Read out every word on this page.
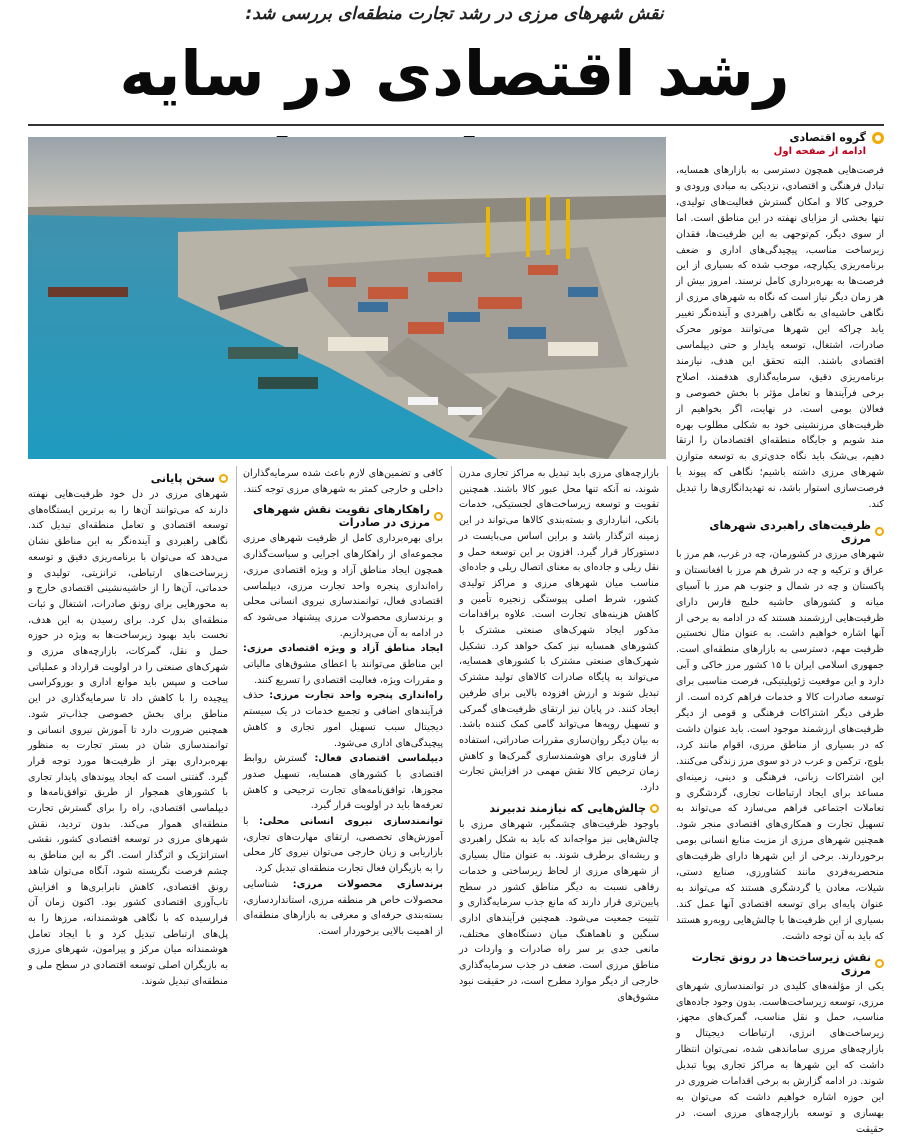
نقش شهرهای مرزی در رشد تجارت منطقه‌ای بررسی شد:
رشد اقتصادی در سایه
گروه اقتصادی
ادامه از صفحه اول

فرصت‌هایی همچون دسترسی به بازارهای همسایه، تبادل فرهنگی و اقتصادی، نزدیکی به مبادی ورودی و خروجی کالا و امکان گسترش فعالیت‌های تولیدی، تنها بخشی از مزایای نهفته در این مناطق است. اما از سوی دیگر، کم‌توجهی به این ظرفیت‌ها، فقدان زیرساخت مناسب، پیچیدگی‌های اداری و ضعف برنامه‌ریزی یکپارچه، موجب شده که بسیاری از این فرصت‌ها به بهره‌برداری کامل نرسند. امروز بیش از هر زمان دیگر نیاز است که نگاه به شهرهای مرزی از نگاهی حاشیه‌ای به نگاهی راهبردی و آینده‌نگر تغییر یابد چراکه این شهرها می‌توانند موتور محرک صادرات، اشتغال، توسعه پایدار و حتی دیپلماسی اقتصادی باشند. البته تحقق این هدف، نیازمند برنامه‌ریزی دقیق، سرمایه‌گذاری هدفمند، اصلاح برخی فرآیندها و تعامل مؤثر با بخش خصوصی و فعالان بومی است. در نهایت، اگر بخواهیم از ظرفیت‌های مرزنشینی خود به شکلی مطلوب بهره مند شویم و جایگاه منطقه‌ای اقتصادمان را ارتقا دهیم، بی‌شک باید نگاه جدی‌تری به توسعه متوازن شهرهای مرزی داشته باشیم؛ نگاهی که پیوند با فرصت‌سازی استوار باشد، نه تهدیدانگاری‌ها را تبدیل کند.

ظرفیت‌های راهبردی شهرهای مرزی

شهرهای مرزی در کشورمان، چه در غرب، هم مرز با عراق و ترکیه و چه در شرق هم مرز با افغانستان و پاکستان و چه در شمال و جنوب هم مرز با آسیای میانه و کشورهای حاشیه خلیج فارس دارای ظرفیت‌هایی ارزشمند هستند که در ادامه به برخی از آنها اشاره خواهیم داشت. به عنوان مثال نخستین ظرفیت مهم، دسترسی به بازارهای منطقه‌ای است. جمهوری اسلامی ایران با ۱۵ کشور مرز خاکی و آبی دارد و این موقعیت ژئوپلیتیکی، فرصت مناسبی برای توسعه صادرات کالا و خدمات فراهم کرده است. از طرفی دیگر اشتراکات فرهنگی و قومی از دیگر ظرفیت‌های ارزشمند موجود است. باید عنوان داشت که در بسیاری از مناطق مرزی، اقوام مانند کرد، بلوچ، ترکمن و عرب در دو سوی مرز زندگی می‌کنند. این اشتراکات زبانی، فرهنگی و دینی، زمینه‌ای مساعد برای ایجاد ارتباطات تجاری، گردشگری و تعاملات اجتماعی فراهم می‌سازد که می‌تواند به تسهیل تجارت و همکاری‌های اقتصادی منجر شود. همچنین شهرهای مرزی از مزیت منابع انسانی بومی برخوردارند. برخی از این شهرها دارای ظرفیت‌های منحصربه‌فردی مانند کشاورزی، صنایع دستی، شیلات، معادن یا گردشگری هستند که می‌تواند به عنوان پایه‌ای برای توسعه اقتصادی آنها عمل کند. بسیاری از این ظرفیت‌ها با چالش‌هایی روبه‌رو هستند که باید به آن توجه داشت.

نقش زیرساخت‌ها در رونق تجارت مرزی

یکی از مؤلفه‌های کلیدی در توانمندسازی شهرهای مرزی، توسعه زیرساخت‌هاست. بدون وجود جاده‌های مناسب، حمل و نقل مناسب، گمرک‌های مجهز، زیرساخت‌های انرژی، ارتباطات دیجیتال و بازارچه‌های مرزی ساماندهی شده، نمی‌توان انتظار داشت که این شهرها به مراکز تجاری پویا تبدیل شوند. در ادامه گزارش به برخی اقدامات ضروری در این حوزه اشاره خواهیم داشت که می‌توان به بهسازی و توسعه بازارچه‌های مرزی است. در حقیقت

بازارچه‌های مرزی باید تبدیل به مراکز تجاری مدرن شوند، نه آنکه تنها محل عبور کالا باشند. همچنین تقویت و توسعه زیرساخت‌های لجستیکی، خدمات بانکی، انبارداری و بسته‌بندی کالاها می‌تواند در این زمینه اثرگذار باشد و براین اساس می‌بایست در دستورکار قرار گیرد. افزون بر این توسعه حمل و نقل ریلی و جاده‌ای به معنای اتصال ریلی و جاده‌ای مناسب میان شهرهای مرزی و مراکز تولیدی کشور، شرط اصلی پیوستگی زنجیره تأمین و کاهش هزینه‌های تجارت است. علاوه براقدامات مذکور ایجاد شهرک‌های صنعتی مشترک با کشورهای همسایه نیز کمک خواهد کرد. تشکیل شهرک‌های صنعتی مشترک با کشورهای همسایه، می‌تواند به پایگاه صادرات کالاهای تولید مشترک تبدیل شوند و ارزش افزوده بالایی برای طرفین ایجاد کنند. در پایان نیز ارتقای ظرفیت‌های گمرکی و تسهیل رویه‌ها می‌تواند گامی کمک کننده باشد. به بیان دیگر روان‌سازی مقررات صادراتی، استفاده از فناوری برای هوشمندسازی گمرک‌ها و کاهش زمان ترخیص کالا نقش مهمی در افزایش تجارت دارد.

چالش‌هایی که نیازمند تدبیرند

باوجود ظرفیت‌های چشمگیر، شهرهای مرزی با چالش‌هایی نیز مواجه‌اند که باید به شکل راهبردی و ریشه‌ای برطرف شوند. به عنوان مثال بسیاری از شهرهای مرزی از لحاظ زیرساختی و خدمات رفاهی نسبت به دیگر مناطق کشور در سطح پایین‌تری قرار دارند که مانع جذب سرمایه‌گذاری و تثبیت جمعیت می‌شود. همچنین فرآیندهای اداری سنگین و ناهماهنگ میان دستگاه‌های مختلف، مانعی جدی بر سر راه صادرات و واردات در مناطق مرزی است. ضعف در جذب سرمایه‌گذاری خارجی از دیگر موارد مطرح است، در حقیقت نبود مشوق‌های

کافی و تضمین‌های لازم باعث شده سرمایه‌گذاران داخلی و خارجی کمتر به شهرهای مرزی توجه کنند.

راهکارهای تقویت نقش شهرهای مرزی در صادرات

برای بهره‌برداری کامل از ظرفیت شهرهای مرزی مجموعه‌ای از راهکارهای اجرایی و سیاست‌گذاری همچون ایجاد مناطق آزاد و ویژه اقتصادی مرزی، راه‌اندازی پنجره واحد تجارت مرزی، دیپلماسی اقتصادی فعال، توانمندسازی نیروی انسانی محلی و برندسازی محصولات مرزی پیشنهاد می‌شود که در ادامه به آن می‌پردازیم.

ایجاد مناطق آزاد و ویژه اقتصادی مرزی: این مناطق می‌توانند با اعطای مشوق‌های مالیاتی و مقررات ویژه، فعالیت اقتصادی را تسریع کنند.

راه‌اندازی پنجره واحد تجارت مرزی: حذف فرآیندهای اضافی و تجمیع خدمات در یک سیستم دیجیتال سبب تسهیل امور تجاری و کاهش پیچیدگی‌های اداری می‌شود.

دیپلماسی اقتصادی فعال: گسترش روابط اقتصادی با کشورهای همسایه، تسهیل صدور مجوزها، توافق‌نامه‌های تجارت ترجیحی و کاهش تعرفه‌ها باید در اولویت قرار گیرد.

توانمندسازی نیروی انسانی محلی: با آموزش‌های تخصصی، ارتقای مهارت‌های تجاری، بازاریابی و زبان خارجی می‌توان نیروی کار محلی را به بازیگران فعال تجارت منطقه‌ای تبدیل کرد.

برندسازی محصولات مرزی: شناسایی محصولات خاص هر منطقه مرزی، استانداردسازی، بسته‌بندی حرفه‌ای و معرفی به بازارهای منطقه‌ای از اهمیت بالایی برخوردار است.

سخن پایانی

شهرهای مرزی در دل خود ظرفیت‌هایی نهفته دارند که می‌توانند آن‌ها را به برترین ایستگاه‌های توسعه اقتصادی و تعامل منطقه‌ای تبدیل کند. نگاهی راهبردی و آینده‌نگر به این مناطق نشان می‌دهد که می‌توان با برنامه‌ریزی دقیق و توسعه زیرساخت‌های ارتباطی، ترانزیتی، تولیدی و خدماتی، آن‌ها را از حاشیه‌نشینی اقتصادی خارج و به محورهایی برای رونق صادرات، اشتغال و ثبات منطقه‌ای بدل کرد. برای رسیدن به این هدف، نخست باید بهبود زیرساخت‌ها به ویژه در حوزه حمل و نقل، گمرکات، بازارچه‌های مرزی و شهرک‌های صنعتی را در اولویت قرارداد و عملیاتی ساخت و سپس باید موانع اداری و بوروکراسی پیچیده را با کاهش داد تا سرمایه‌گذاری در این مناطق برای بخش خصوصی جذاب‌تر شود. همچنین ضرورت دارد تا آموزش نیروی انسانی و توانمندسازی شان در بستر تجارت به منظور بهره‌برداری بهتر از ظرفیت‌ها مورد توجه قرار گیرد. گفتنی است که ایجاد پیوندهای پایدار تجاری با کشورهای همجوار از طریق توافق‌نامه‌ها و دیپلماسی اقتصادی، راه را برای گسترش تجارت منطقه‌ای هموار می‌کند. بدون تردید، نقش شهرهای مرزی در توسعه اقتصادی کشور، نقشی استراتژیک و اثرگذار است. اگر به این مناطق به چشم فرصت نگریسته شود، آنگاه می‌توان شاهد رونق اقتصادی، کاهش نابرابری‌ها و افزایش تاب‌آوری اقتصادی کشور بود. اکنون زمان آن فرارسیده که با نگاهی هوشمندانه، مرزها را به پل‌های ارتباطی تبدیل کرد و با ایجاد تعامل هوشمندانه میان مرکز و پیرامون، شهرهای مرزی به بازیگران اصلی توسعه اقتصادی در سطح ملی و منطقه‌ای تبدیل شوند.
